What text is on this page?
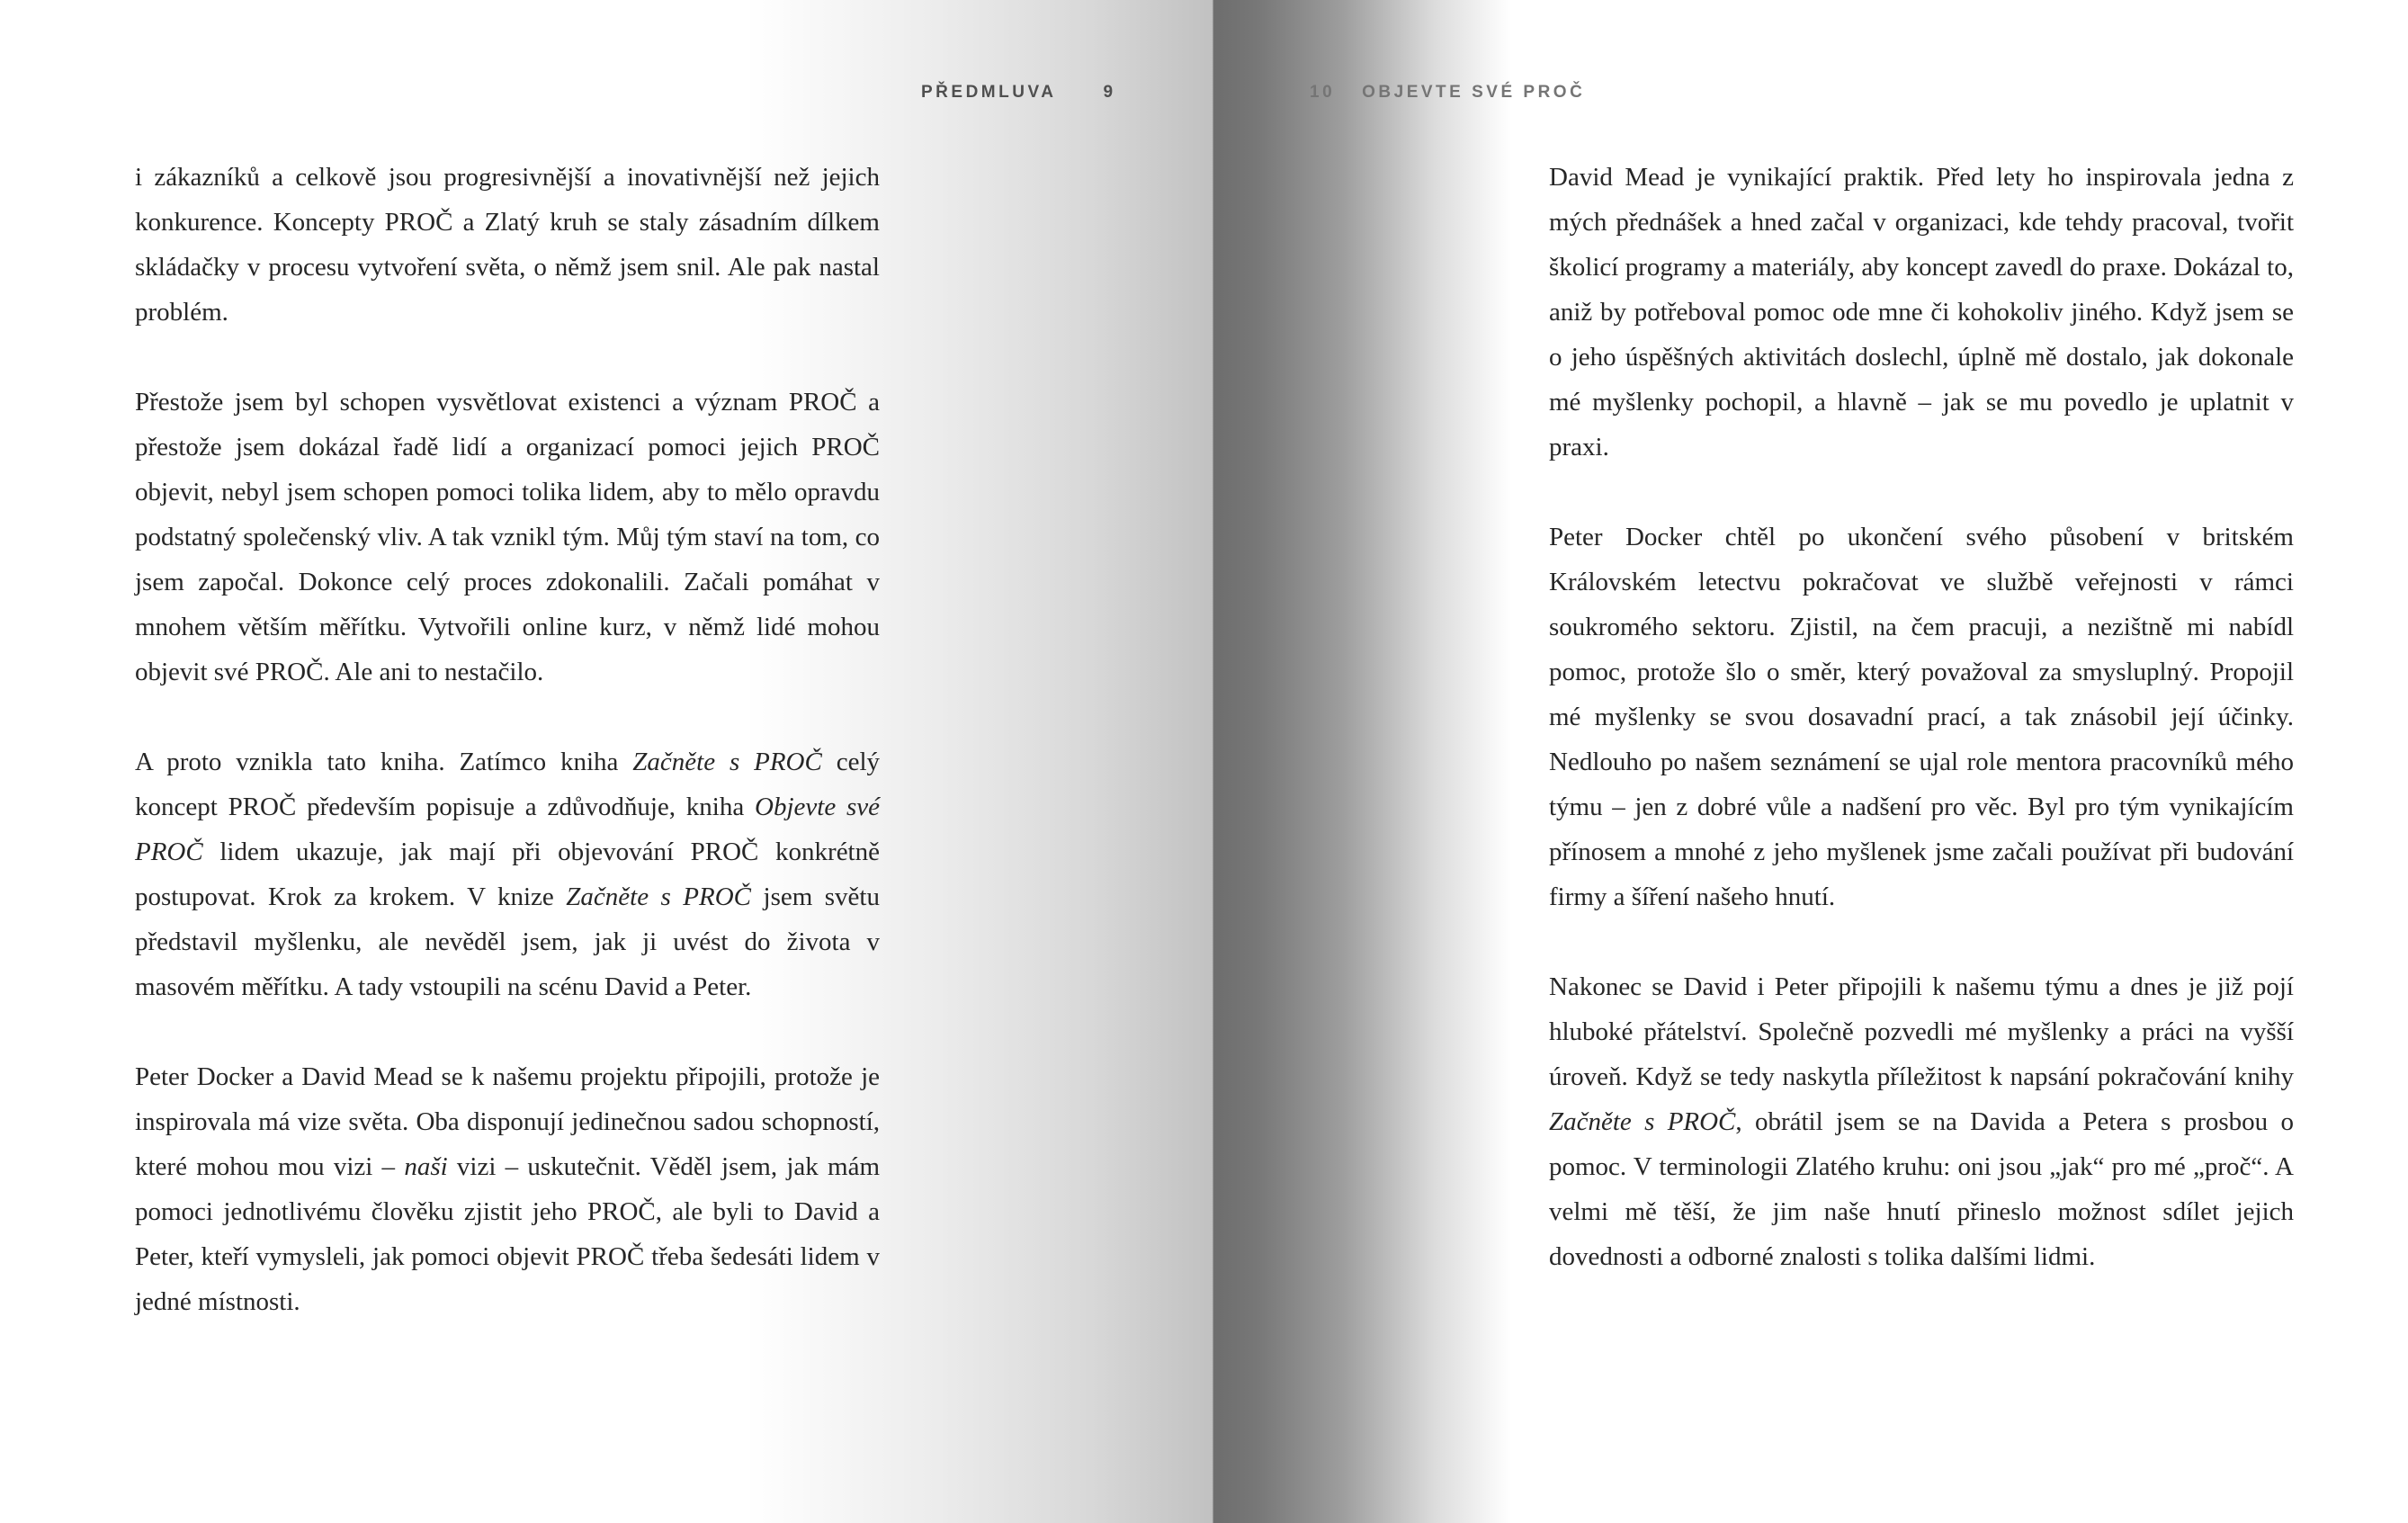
PŘEDMLUVA	9

i zákazníků a celkově jsou progresivnější a inovativnější než jejich konkurence. Koncepty PROČ a Zlatý kruh se staly zásadním dílkem skládačky v procesu vytvoření světa, o němž jsem snil. Ale pak nastal problém.

Přestože jsem byl schopen vysvětlovat existenci a význam PROČ a přestože jsem dokázal řadě lidí a organizací pomoci jejich PROČ objevit, nebyl jsem schopen pomoci tolika lidem, aby to mělo opravdu podstatný společenský vliv. A tak vznikl tým. Můj tým staví na tom, co jsem započal. Dokonce celý proces zdokonalili. Začali pomáhat v mnohem větším měřítku. Vytvořili online kurz, v němž lidé mohou objevit své PROČ. Ale ani to nestačilo.

A proto vznikla tato kniha. Zatímco kniha Začněte s PROČ celý koncept PROČ především popisuje a zdůvodňuje, kniha Objevte své PROČ lidem ukazuje, jak mají při objevování PROČ konkrétně postupovat. Krok za krokem. V knize Začněte s PROČ jsem světu představil myšlenku, ale nevěděl jsem, jak ji uvést do života v masovém měřítku. A tady vstoupili na scénu David a Peter.

Peter Docker a David Mead se k našemu projektu připojili, protože je inspirovala má vize světa. Oba disponují jedinečnou sadou schopností, které mohou mou vizi – naši vizi – uskutečnit. Věděl jsem, jak mám pomoci jednotlivému člověku zjistit jeho PROČ, ale byli to David a Peter, kteří vymysleli, jak pomoci objevit PROČ třeba šedesáti lidem v jedné místnosti.

10 OBJEVTE SVÉ PROČ

David Mead je vynikající praktik. Před lety ho inspirovala jedna z mých přednášek a hned začal v organizaci, kde tehdy pracoval, tvořit školicí programy a materiály, aby koncept zavedl do praxe. Dokázal to, aniž by potřeboval pomoc ode mne či kohokoliv jiného. Když jsem se o jeho úspěšných aktivitách doslechl, úplně mě dostalo, jak dokonale mé myšlenky pochopil, a hlavně – jak se mu povedlo je uplatnit v praxi.

Peter Docker chtěl po ukončení svého působení v britském Královském letectvu pokračovat ve službě veřejnosti v rámci soukromého sektoru. Zjistil, na čem pracuji, a nezištně mi nabídl pomoc, protože šlo o směr, který považoval za smysluplný. Propojil mé myšlenky se svou dosavadní prací, a tak znásobil její účinky. Nedlouho po našem seznámení se ujal role mentora pracovníků mého týmu – jen z dobré vůle a nadšení pro věc. Byl pro tým vynikajícím přínosem a mnohé z jeho myšlenek jsme začali používat při budování firmy a šíření našeho hnutí.

Nakonec se David i Peter připojili k našemu týmu a dnes je již pojí hluboké přátelství. Společně pozvedli mé myšlenky a práci na vyšší úroveň. Když se tedy naskytla příležitost k napsání pokračování knihy Začněte s PROČ, obrátil jsem se na Davida a Petera s prosbou o pomoc. V terminologii Zlatého kruhu: oni jsou „jak“ pro mé „proč“. A velmi mě těší, že jim naše hnutí přineslo možnost sdílet jejich dovednosti a odborné znalosti s tolika dalšími lidmi.
